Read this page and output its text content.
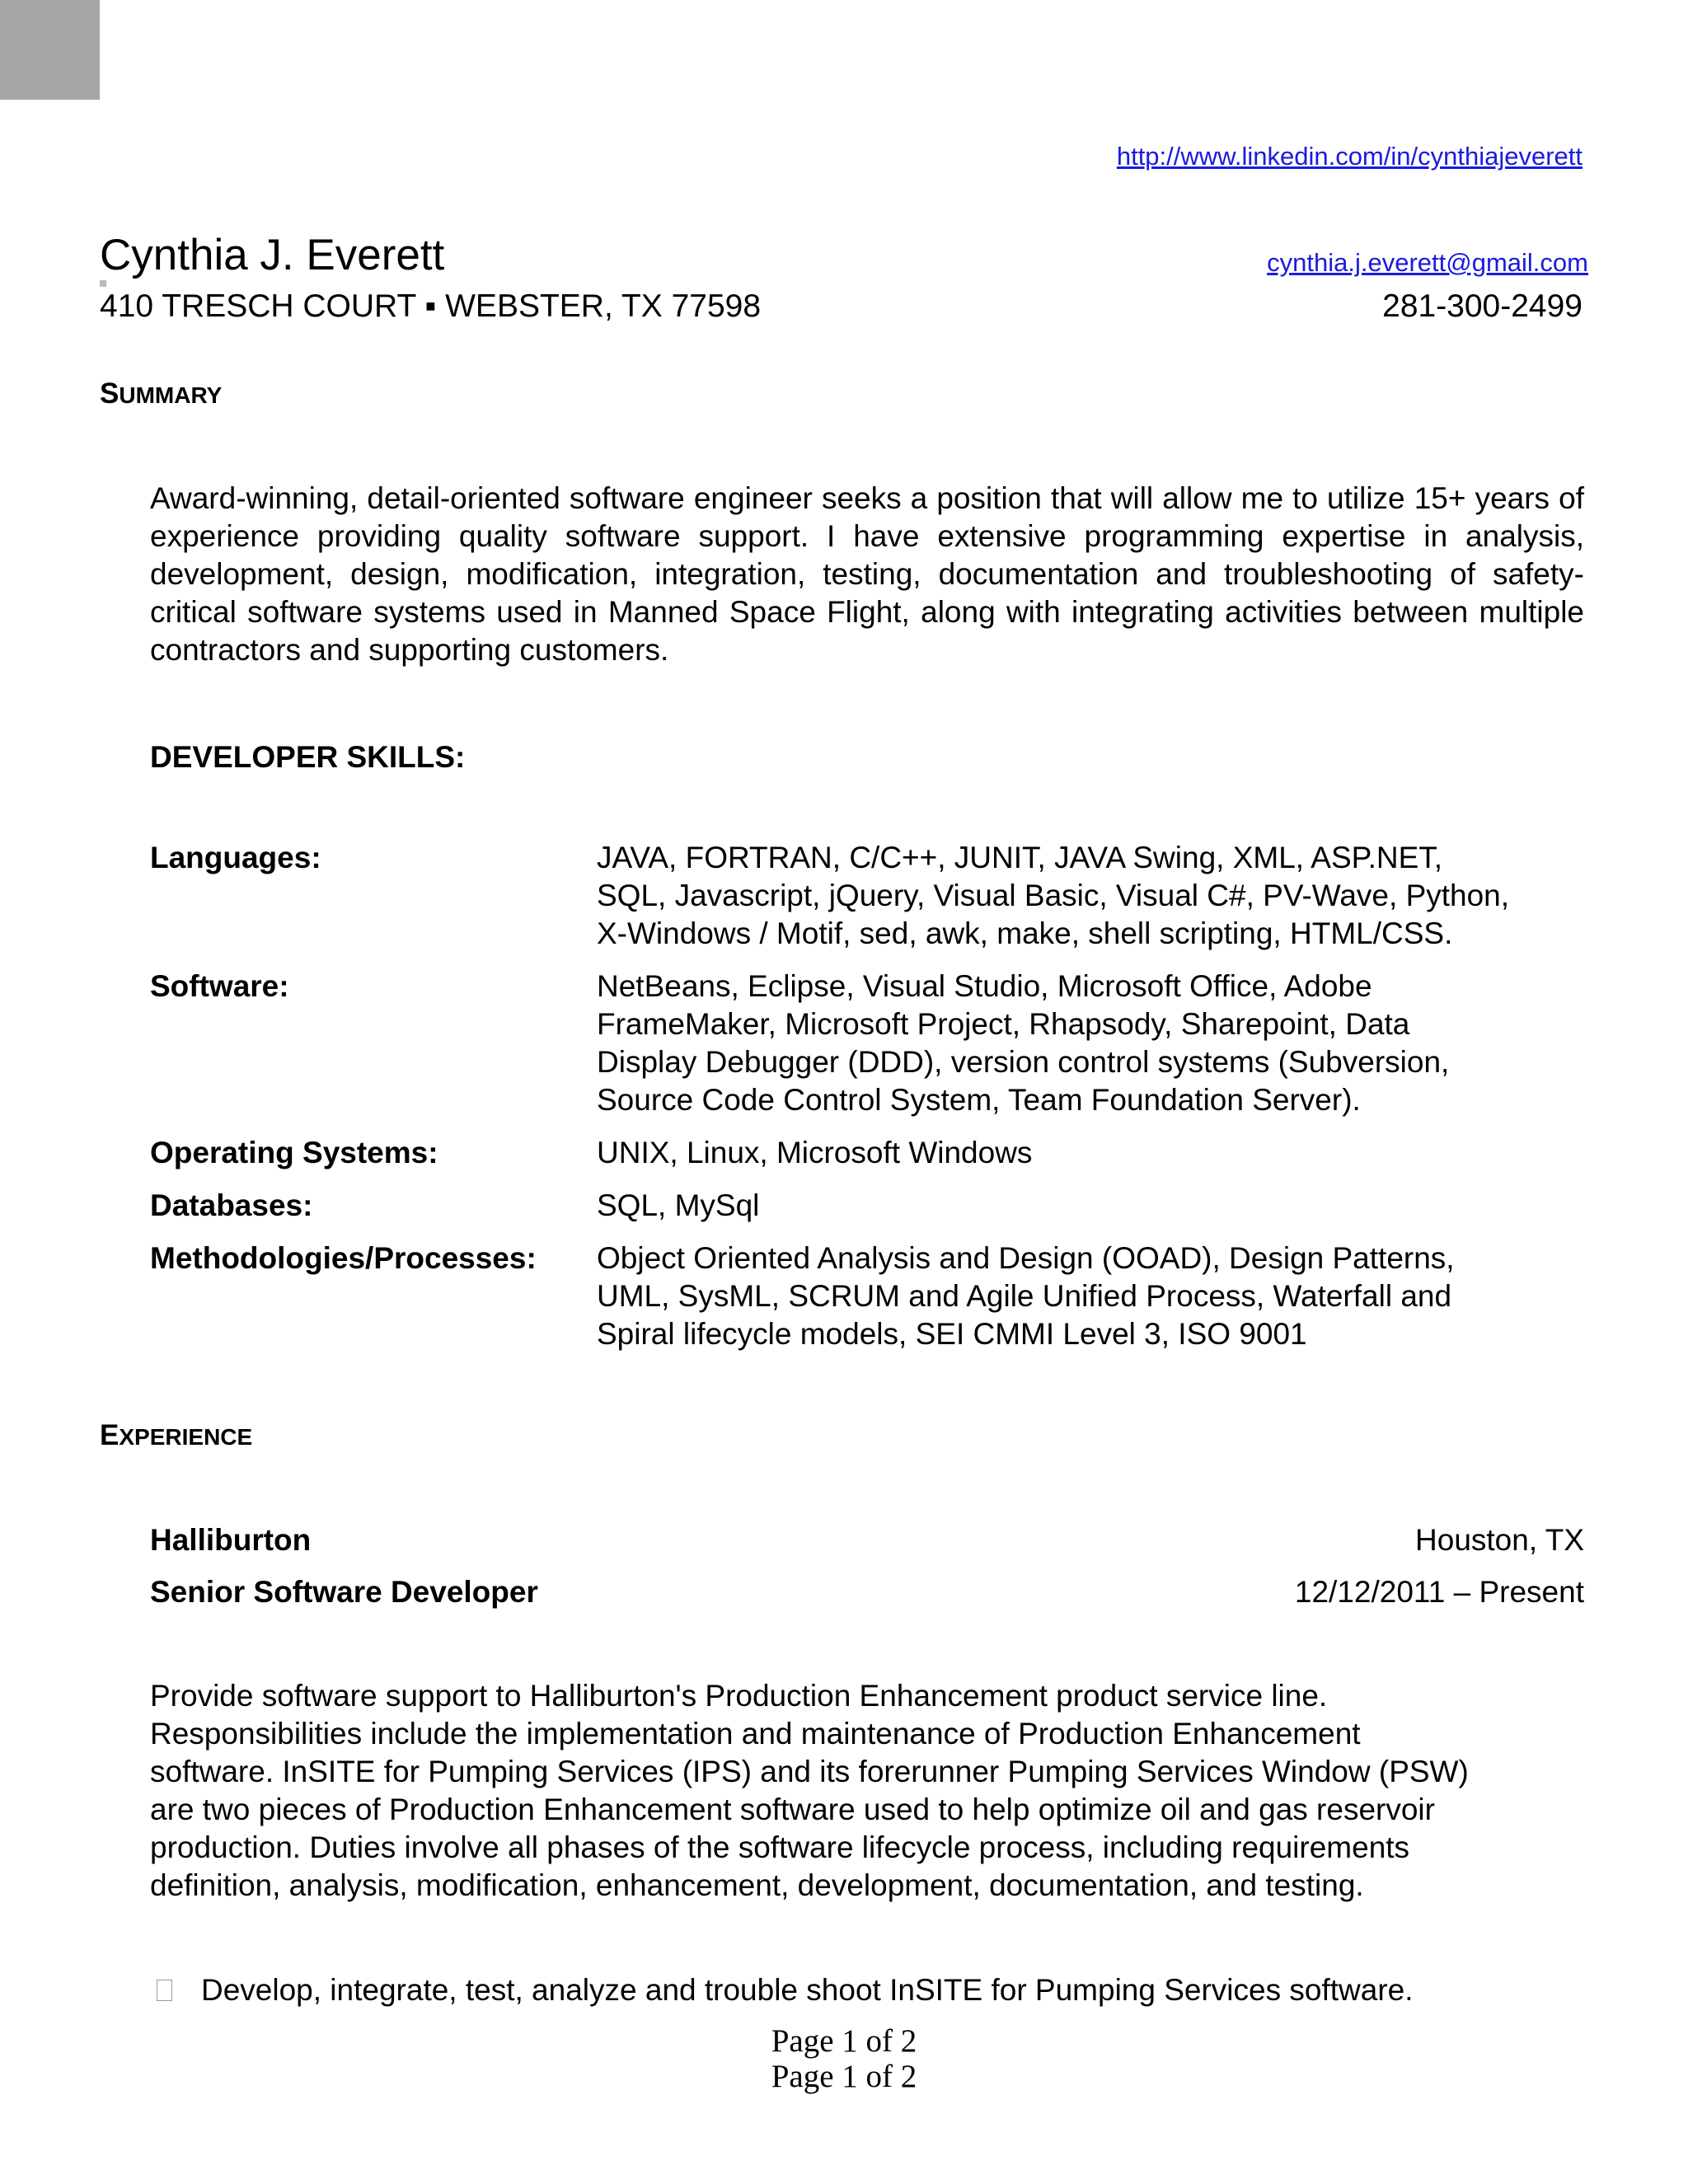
http://www.linkedin.com/in/cynthiajeverett
Cynthia J. Everett	cynthia.j.everett@gmail.com
410 TRESCH COURT ▪ WEBSTER, TX 77598	281-300-2499
SUMMARY
Award-winning, detail-oriented software engineer seeks a position that will allow me to utilize 15+ years of experience providing quality software support. I have extensive programming expertise in analysis, development, design, modification, integration, testing, documentation and troubleshooting of safety-critical software systems used in Manned Space Flight, along with integrating activities between multiple contractors and supporting customers.
DEVELOPER SKILLS:
Languages:	JAVA, FORTRAN, C/C++, JUNIT, JAVA Swing, XML, ASP.NET,
SQL, Javascript, jQuery, Visual Basic, Visual C#, PV-Wave, Python,
X-Windows / Motif, sed, awk, make, shell scripting, HTML/CSS.
Software:	NetBeans, Eclipse, Visual Studio, Microsoft Office, Adobe
FrameMaker, Microsoft Project, Rhapsody, Sharepoint, Data
Display Debugger (DDD), version control systems (Subversion,
Source Code Control System, Team Foundation Server).
Operating Systems:	UNIX, Linux, Microsoft Windows
Databases:	SQL, MySql
Methodologies/Processes:	Object Oriented Analysis and Design (OOAD), Design Patterns,
UML, SysML, SCRUM and Agile Unified Process, Waterfall and
Spiral lifecycle models, SEI CMMI Level 3, ISO 9001
EXPERIENCE
Halliburton	Houston, TX
Senior Software Developer	12/12/2011 – Present
Provide software support to Halliburton's Production Enhancement product service line.
Responsibilities include the implementation and maintenance of Production Enhancement
software. InSITE for Pumping Services (IPS) and its forerunner Pumping Services Window (PSW)
are two pieces of Production Enhancement software used to help optimize oil and gas reservoir
production. Duties involve all phases of the software lifecycle process, including requirements
definition, analysis, modification, enhancement, development, documentation, and testing.
Develop, integrate, test, analyze and trouble shoot InSITE for Pumping Services software.
Page 1 of 2
Page 1 of 2
